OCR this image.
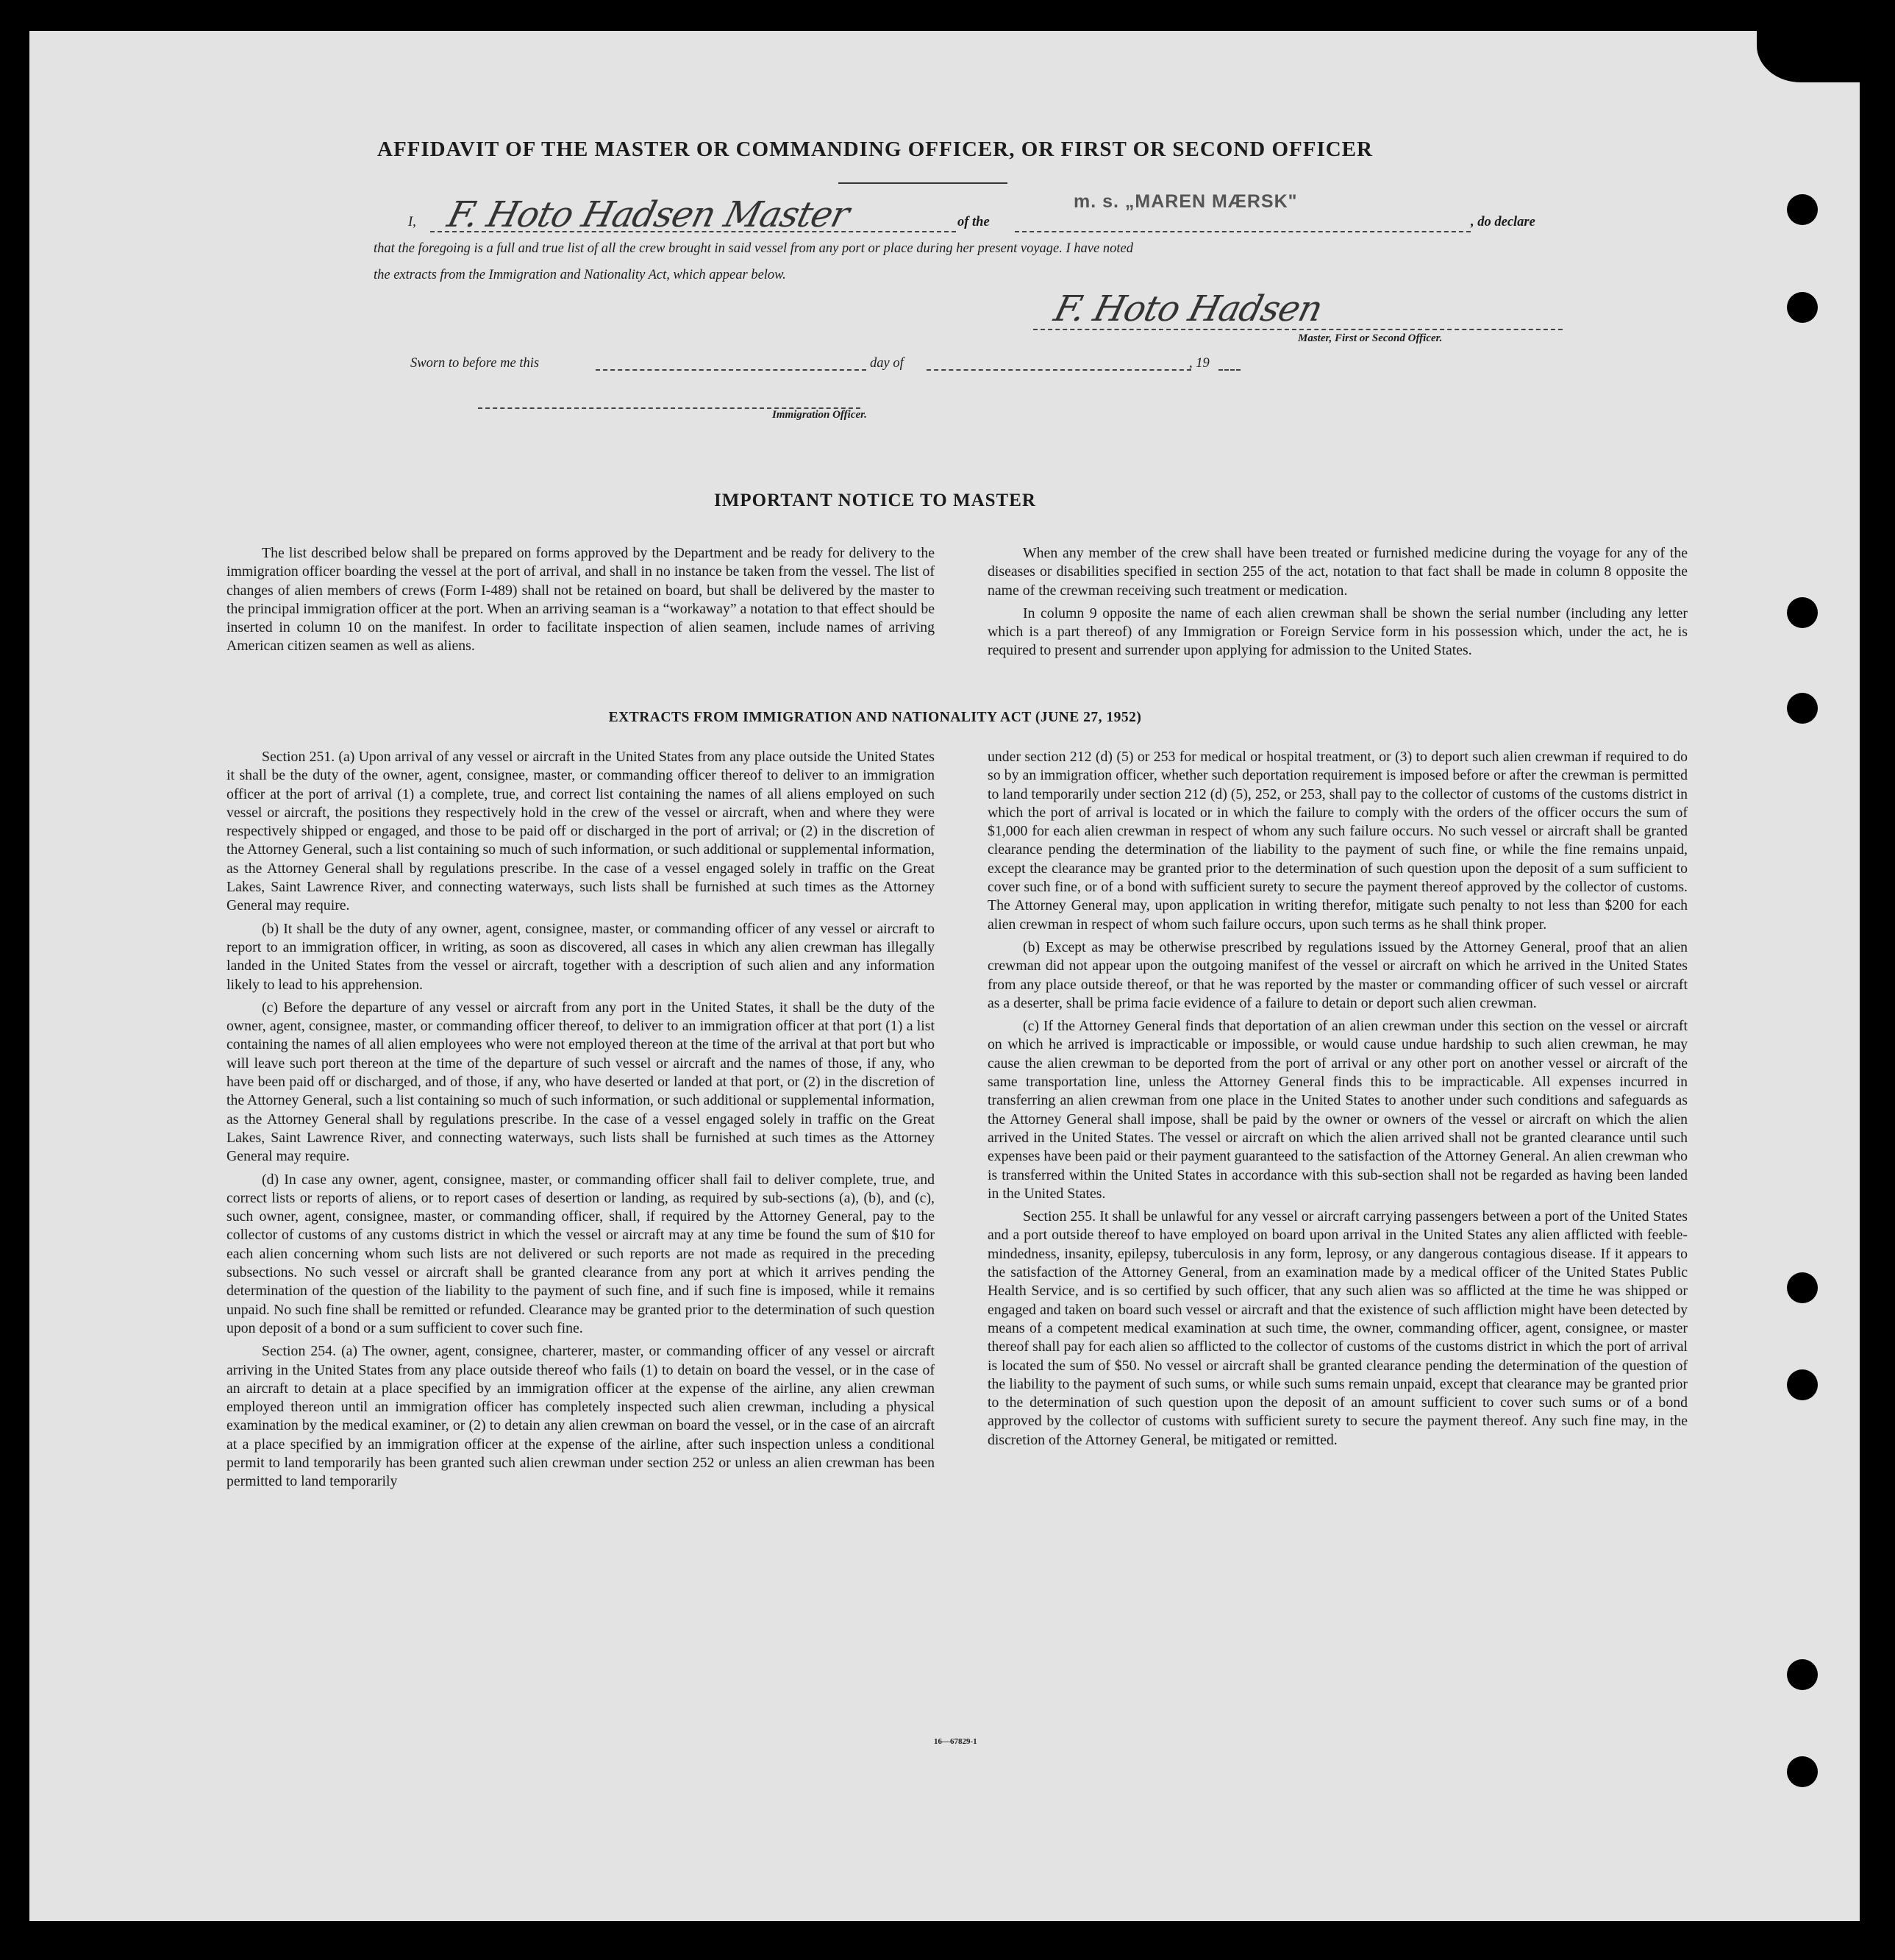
AFFIDAVIT OF THE MASTER OR COMMANDING OFFICER, OR FIRST OR SECOND OFFICER
I, F. Hoto Hadsen Master	of the
m. s. „MAREN MÆRSK"
, do declare
that the foregoing is a full and true list of all the crew brought in said vessel from any port or place during her present voyage. I have noted
the extracts from the Immigration and Nationality Act, which appear below.
F. Hoto Hadsen
Master, First or Second Officer.
Sworn to before me this	day of	, 19
Immigration Officer.
IMPORTANT NOTICE TO MASTER

The list described below shall be prepared on forms approved by the Department and be ready for delivery to the immigration officer boarding the vessel at the port of arrival, and shall in no instance be taken from the vessel. The list of changes of alien members of crews (Form I-489) shall not be retained on board, but shall be delivered by the master to the principal immigration officer at the port. When an arriving seaman is a “workaway” a notation to that effect should be inserted in column 10 on the manifest. In order to facilitate inspection of alien seamen, include names of arriving American citizen seamen as well as aliens.

When any member of the crew shall have been treated or furnished medicine during the voyage for any of the diseases or disabilities specified in section 255 of the act, notation to that fact shall be made in column 8 opposite the name of the crewman receiving such treatment or medication.

In column 9 opposite the name of each alien crewman shall be shown the serial number (including any letter which is a part thereof) of any Immigration or Foreign Service form in his possession which, under the act, he is required to present and surrender upon applying for admission to the United States.

EXTRACTS FROM IMMIGRATION AND NATIONALITY ACT (JUNE 27, 1952)

Section 251. (a) Upon arrival of any vessel or aircraft in the United States from any place outside the United States it shall be the duty of the owner, agent, consignee, master, or commanding officer thereof to deliver to an immigration officer at the port of arrival (1) a complete, true, and correct list containing the names of all aliens employed on such vessel or aircraft, the positions they respectively hold in the crew of the vessel or aircraft, when and where they were respectively shipped or engaged, and those to be paid off or discharged in the port of arrival; or (2) in the discretion of the Attorney General, such a list containing so much of such information, or such additional or supplemental information, as the Attorney General shall by regulations prescribe. In the case of a vessel engaged solely in traffic on the Great Lakes, Saint Lawrence River, and connecting waterways, such lists shall be furnished at such times as the Attorney General may require.

(b) It shall be the duty of any owner, agent, consignee, master, or commanding officer of any vessel or aircraft to report to an immigration officer, in writing, as soon as discovered, all cases in which any alien crewman has illegally landed in the United States from the vessel or aircraft, together with a description of such alien and any information likely to lead to his apprehension.

(c) Before the departure of any vessel or aircraft from any port in the United States, it shall be the duty of the owner, agent, consignee, master, or commanding officer thereof, to deliver to an immigration officer at that port (1) a list containing the names of all alien employees who were not employed thereon at the time of the arrival at that port but who will leave such port thereon at the time of the departure of such vessel or aircraft and the names of those, if any, who have been paid off or discharged, and of those, if any, who have deserted or landed at that port, or (2) in the discretion of the Attorney General, such a list containing so much of such information, or such additional or supplemental information, as the Attorney General shall by regulations prescribe. In the case of a vessel engaged solely in traffic on the Great Lakes, Saint Lawrence River, and connecting waterways, such lists shall be furnished at such times as the Attorney General may require.

(d) In case any owner, agent, consignee, master, or commanding officer shall fail to deliver complete, true, and correct lists or reports of aliens, or to report cases of desertion or landing, as required by sub-sections (a), (b), and (c), such owner, agent, consignee, master, or commanding officer, shall, if required by the Attorney General, pay to the collector of customs of any customs district in which the vessel or aircraft may at any time be found the sum of $10 for each alien concerning whom such lists are not delivered or such reports are not made as required in the preceding subsections. No such vessel or aircraft shall be granted clearance from any port at which it arrives pending the determination of the question of the liability to the payment of such fine, and if such fine is imposed, while it remains unpaid. No such fine shall be remitted or refunded. Clearance may be granted prior to the determination of such question upon deposit of a bond or a sum sufficient to cover such fine.

Section 254. (a) The owner, agent, consignee, charterer, master, or commanding officer of any vessel or aircraft arriving in the United States from any place outside thereof who fails (1) to detain on board the vessel, or in the case of an aircraft to detain at a place specified by an immigration officer at the expense of the airline, any alien crewman employed thereon until an immigration officer has completely inspected such alien crewman, including a physical examination by the medical examiner, or (2) to detain any alien crewman on board the vessel, or in the case of an aircraft at a place specified by an immigration officer at the expense of the airline, after such inspection unless a conditional permit to land temporarily has been granted such alien crewman under section 252 or unless an alien crewman has been permitted to land temporarily

under section 212 (d) (5) or 253 for medical or hospital treatment, or (3) to deport such alien crewman if required to do so by an immigration officer, whether such deportation requirement is imposed before or after the crewman is permitted to land temporarily under section 212 (d) (5), 252, or 253, shall pay to the collector of customs of the customs district in which the port of arrival is located or in which the failure to comply with the orders of the officer occurs the sum of $1,000 for each alien crewman in respect of whom any such failure occurs. No such vessel or aircraft shall be granted clearance pending the determination of the liability to the payment of such fine, or while the fine remains unpaid, except the clearance may be granted prior to the determination of such question upon the deposit of a sum sufficient to cover such fine, or of a bond with sufficient surety to secure the payment thereof approved by the collector of customs. The Attorney General may, upon application in writing therefor, mitigate such penalty to not less than $200 for each alien crewman in respect of whom such failure occurs, upon such terms as he shall think proper.

(b) Except as may be otherwise prescribed by regulations issued by the Attorney General, proof that an alien crewman did not appear upon the outgoing manifest of the vessel or aircraft on which he arrived in the United States from any place outside thereof, or that he was reported by the master or commanding officer of such vessel or aircraft as a deserter, shall be prima facie evidence of a failure to detain or deport such alien crewman.

(c) If the Attorney General finds that deportation of an alien crewman under this section on the vessel or aircraft on which he arrived is impracticable or impossible, or would cause undue hardship to such alien crewman, he may cause the alien crewman to be deported from the port of arrival or any other port on another vessel or aircraft of the same transportation line, unless the Attorney General finds this to be impracticable. All expenses incurred in transferring an alien crewman from one place in the United States to another under such conditions and safeguards as the Attorney General shall impose, shall be paid by the owner or owners of the vessel or aircraft on which the alien arrived in the United States. The vessel or aircraft on which the alien arrived shall not be granted clearance until such expenses have been paid or their payment guaranteed to the satisfaction of the Attorney General. An alien crewman who is transferred within the United States in accordance with this sub-section shall not be regarded as having been landed in the United States.

Section 255. It shall be unlawful for any vessel or aircraft carrying passengers between a port of the United States and a port outside thereof to have employed on board upon arrival in the United States any alien afflicted with feeble-mindedness, insanity, epilepsy, tuberculosis in any form, leprosy, or any dangerous contagious disease. If it appears to the satisfaction of the Attorney General, from an examination made by a medical officer of the United States Public Health Service, and is so certified by such officer, that any such alien was so afflicted at the time he was shipped or engaged and taken on board such vessel or aircraft and that the existence of such affliction might have been detected by means of a competent medical examination at such time, the owner, commanding officer, agent, consignee, or master thereof shall pay for each alien so afflicted to the collector of customs of the customs district in which the port of arrival is located the sum of $50. No vessel or aircraft shall be granted clearance pending the determination of the question of the liability to the payment of such sums, or while such sums remain unpaid, except that clearance may be granted prior to the determination of such question upon the deposit of an amount sufficient to cover such sums or of a bond approved by the collector of customs with sufficient surety to secure the payment thereof. Any such fine may, in the discretion of the Attorney General, be mitigated or remitted.

16—67829-1
